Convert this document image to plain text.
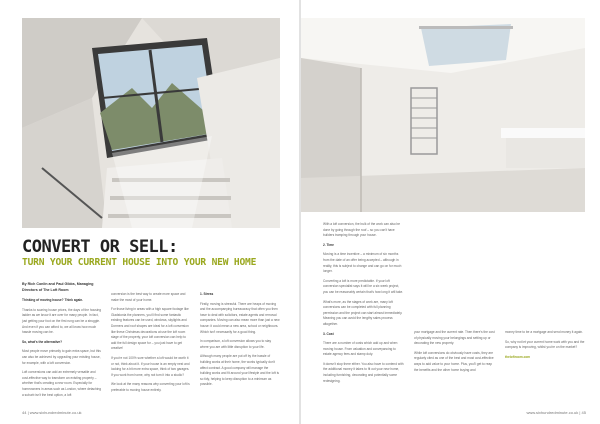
CONVERT OR SELL:
TURN YOUR CURRENT HOUSE INTO YOUR NEW HOME

By Rich Conlin and Paul Gibbs, Managing Directors of The Loft Room

Thinking of moving house? Think again.

Thanks to soaring house prices, the days of the housing ladder as we know it are over for many people. In fact, just getting your foot on the first rung can be a struggle. And even if you can afford to, we all know how much hassle moving can be.

So, what's the alternative?

Most people move primarily to gain extra space, but this can also be achieved by upgrading your existing house, for example, with a loft conversion.

Loft conversions can add an extremely versatile and cost-effective way to transform an existing property – whether that's creating a new room. Especially for homeowners in areas such as London, where detaching a suburb isn't the best option, a loft

conversion is the best way to create more space and make the most of your home.

For those living in areas with a high square footage like Gladstonia the planners, you'll find some fantastic existing features can be used, windows, skylights and Dormers and roof shapes are ideal for a loft conversion like these Christmas decorations at use the loft room stage of the property, your loft conversion can help to add the full design space for – you just have to get creative!

If you're not 100% sure whether a loft would be worth it or not, think about it. If your house is an empty nest and looking for a bit more extra space, think of two garages. If you work from home, why not turn it into a studio?

We look at the many reasons why converting your loft is preferable to moving house entirely.

1. Stress

Firstly, moving is stressful. There are heaps of moving and the accompanying bureaucracy that often you then have to deal with solicitors, estate agents and removal companies. Moving can also mean more than just a new house: it could mean a new area, school or neighbours. Which isn't necessarily for a good thing.

In comparison, a loft conversion allows you to stay where you are with little disruption to your life.

Although many people are put off by the hassle of building works at their home, the works typically don't affect contract. A good company will manage the building works and fit around your lifestyle and the loft is so tidy, helping to keep disruption to a minimum as possible.

44 | www.sixhundredminute.co.uk

With a loft conversion, the bulk of the work can also be done by going through the roof – so you can't have builders tramping through your house.

2. Time

Moving is a time incentive – a minimum of six months from the date of an offer being accepted – although in reality, this is subject to change and can go on for much longer.

Converting a loft is more predictable. If your loft conversion specialist says it will be a six week project, you can be reasonably certain that's how long it will take.

What's more, as the stages of work are, many loft conversions can be completed with full planning permission and the project can start almost immediately. Meaning you can avoid the lengthy sales process altogether.

3. Cost

There are a number of costs which add up and when moving house. From valuation and conveyancing to estate agency fees and stamp duty.

It doesn't stop there either. You also have to contend with the additional money it takes to fit out your new home, including furnishing, decorating and potentially some redesigning.

your mortgage and the current rate. Then there's the cost of physically moving your belongings and setting up or decorating the new property.

While loft conversions do obviously have costs, they are regularly cited as one of the best and most cost-effective ways to add value to your home. Plus, you'll get to reap the benefits and the other home buying and

money time to be a mortgage and send money it again.

So, why not let your current home work with you and the company is improving, whilst you're on the market?

theloftroom.com

www.sixhundredminute.co.uk | 45
